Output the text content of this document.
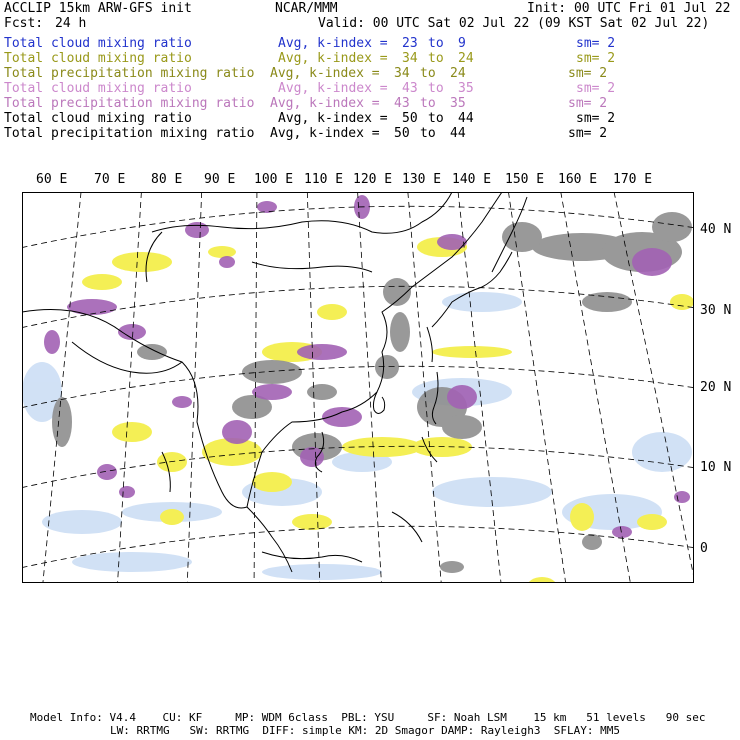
ACCLIP 15km ARW-GFS init	NCAR/MMM	Init: 00 UTC Fri 01 Jul 22
Fcst: 24 h	Valid: 00 UTC Sat 02 Jul 22 (09 KST Sat 02 Jul 22)
Total cloud mixing ratio	Avg, k-index = 23 to 9	sm= 2
Total cloud mixing ratio	Avg, k-index = 34 to 24	sm= 2
Total precipitation mixing ratio Avg, k-index = 34 to 24	sm= 2
Total cloud mixing ratio	Avg, k-index = 43 to 35	sm= 2
Total precipitation mixing ratio Avg, k-index = 43 to 35	sm= 2
Total cloud mixing ratio	Avg, k-index = 50 to 44	sm= 2
Total precipitation mixing ratio Avg, k-index = 50 to 44	sm= 2
60 E 70 E 80 E 90 E 100 E 110 E 120 E 130 E 140 E 150 E 160 E 170 E
40 N
30 N
20 N
10 N
0
Model Info: V4.4    CU: KF     MP: WDM 6class  PBL: YSU     SF: Noah LSM    15 km   51 levels   90 sec
LW: RRTMG   SW: RRTMG  DIFF: simple KM: 2D Smagor DAMP: Rayleigh3  SFLAY: MM5
